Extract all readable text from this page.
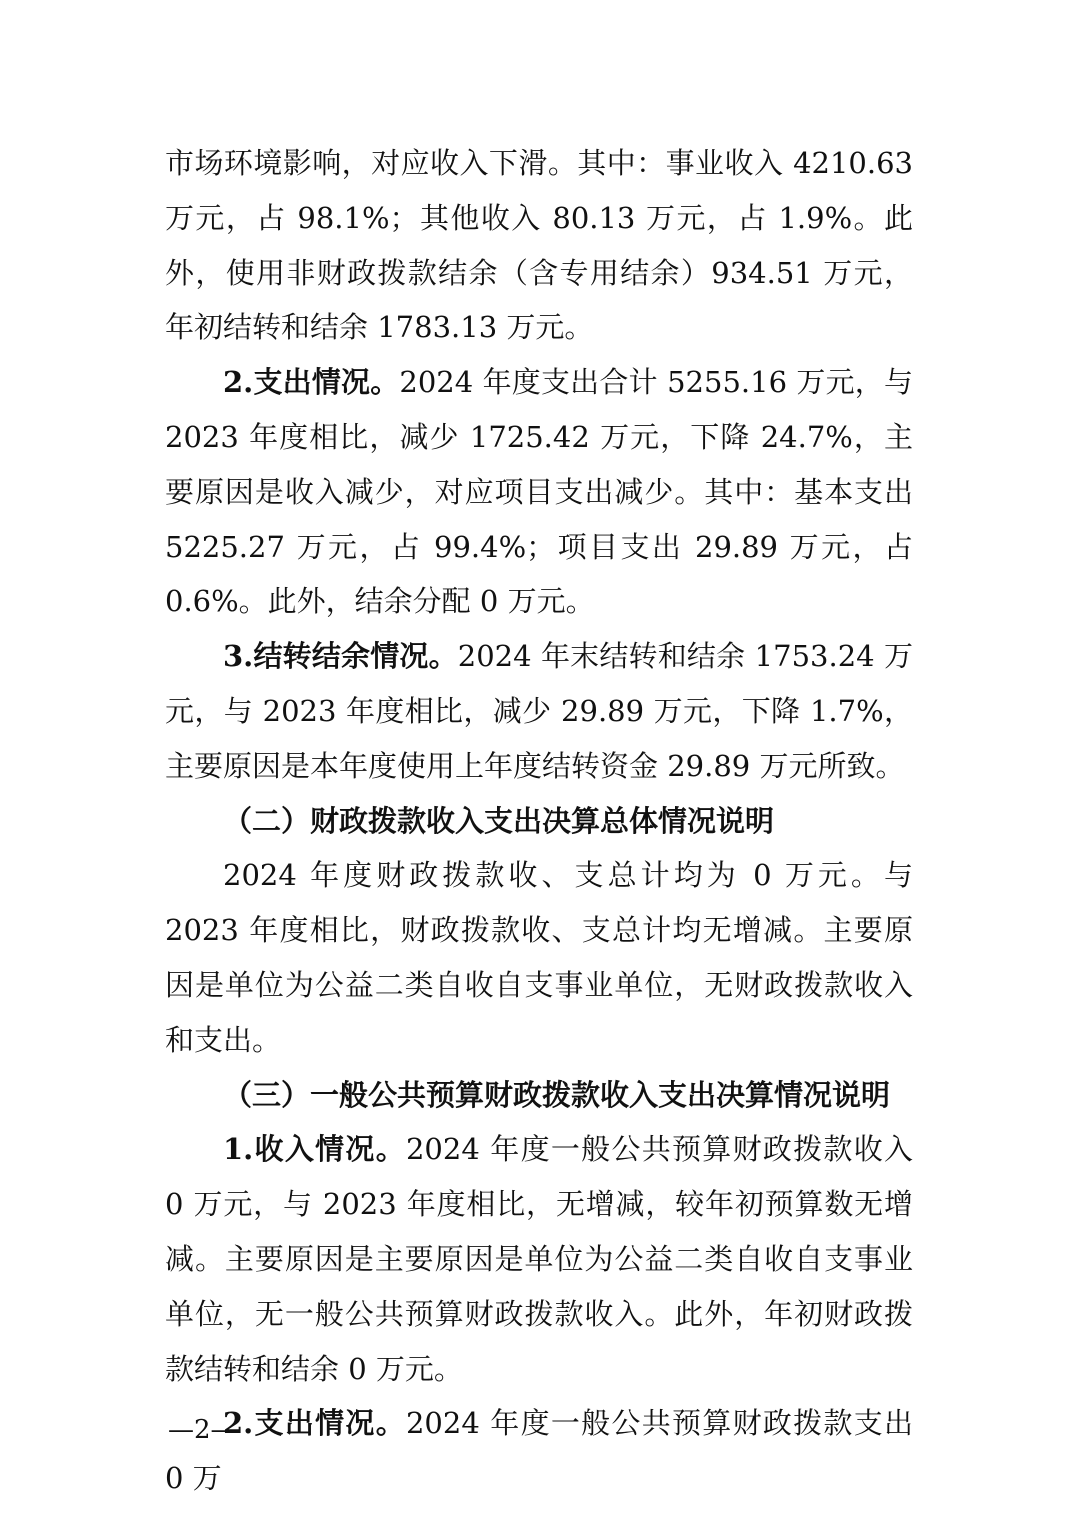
市场环境影响，对应收入下滑。其中：事业收入 4210.63 万元，占 98.1%；其他收入 80.13 万元，占 1.9%。此外，使用非财政拨款结余（含专用结余）934.51 万元，年初结转和结余 1783.13 万元。

2.支出情况。2024 年度支出合计 5255.16 万元，与 2023 年度相比，减少 1725.42 万元，下降 24.7%，主要原因是收入减少，对应项目支出减少。其中：基本支出 5225.27 万元，占 99.4%；项目支出 29.89 万元，占 0.6%。此外，结余分配 0 万元。

3.结转结余情况。2024 年末结转和结余 1753.24 万元，与 2023 年度相比，减少 29.89 万元，下降 1.7%，主要原因是本年度使用上年度结转资金 29.89 万元所致。

（二）财政拨款收入支出决算总体情况说明

2024 年度财政拨款收、支总计均为 0 万元。与 2023 年度相比，财政拨款收、支总计均无增减。主要原因是单位为公益二类自收自支事业单位，无财政拨款收入和支出。

（三）一般公共预算财政拨款收入支出决算情况说明

1.收入情况。2024 年度一般公共预算财政拨款收入 0 万元，与 2023 年度相比，无增减，较年初预算数无增减。主要原因是主要原因是单位为公益二类自收自支事业单位，无一般公共预算财政拨款收入。此外，年初财政拨款结转和结余 0 万元。

2.支出情况。2024 年度一般公共预算财政拨款支出 0 万

—2—
